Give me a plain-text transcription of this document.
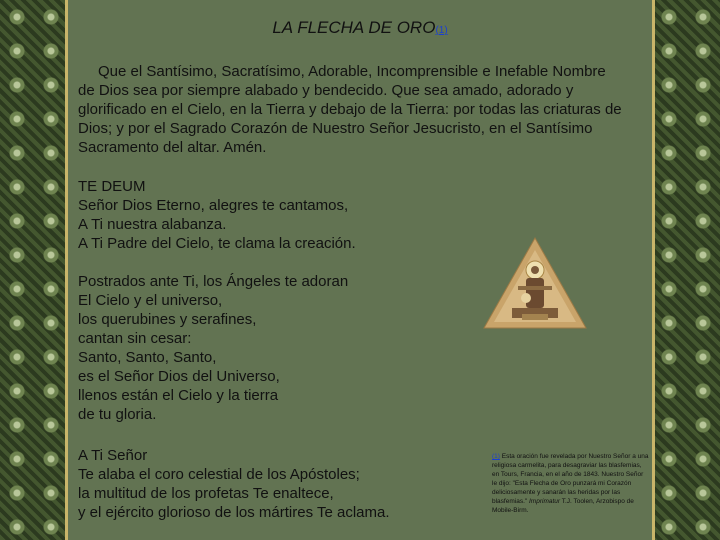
LA FLECHA DE ORO(1)
Que el Santísimo, Sacratísimo, Adorable, Incomprensible e Inefable Nombre de Dios sea por siempre alabado y bendecido. Que sea amado, adorado y glorificado en el Cielo, en la Tierra y debajo de la Tierra: por todas las criaturas de Dios; y por el Sagrado Corazón de Nuestro Señor Jesucristo, en el Santísimo Sacramento del altar. Amén.
TE DEUM
Señor Dios Eterno, alegres te cantamos,
A Ti nuestra alabanza.
A Ti Padre del Cielo, te clama la creación.
Postrados ante Ti, los Ángeles te adoran
El Cielo y el universo,
los querubines y serafines,
cantan sin cesar:
Santo, Santo, Santo,
es el Señor Dios del Universo,
llenos están el Cielo y la tierra
de tu gloria.
A Ti Señor
Te alaba el coro celestial de los Apóstoles;
la multitud de los profetas Te enaltece,
y el ejército glorioso de los mártires Te aclama.
(1) Esta oración fue revelada por Nuestro Señor a una religiosa carmelita, para desagraviar las blasfemias, en Tours, Francia, en el año de 1843. Nuestro Señor le dijo: "Esta Flecha de Oro punzará mi Corazón deliciosamente y sanarán las heridas por las blasfemias." Imprimatur T.J. Toolen, Arzobispo de Mobile-Birm.
